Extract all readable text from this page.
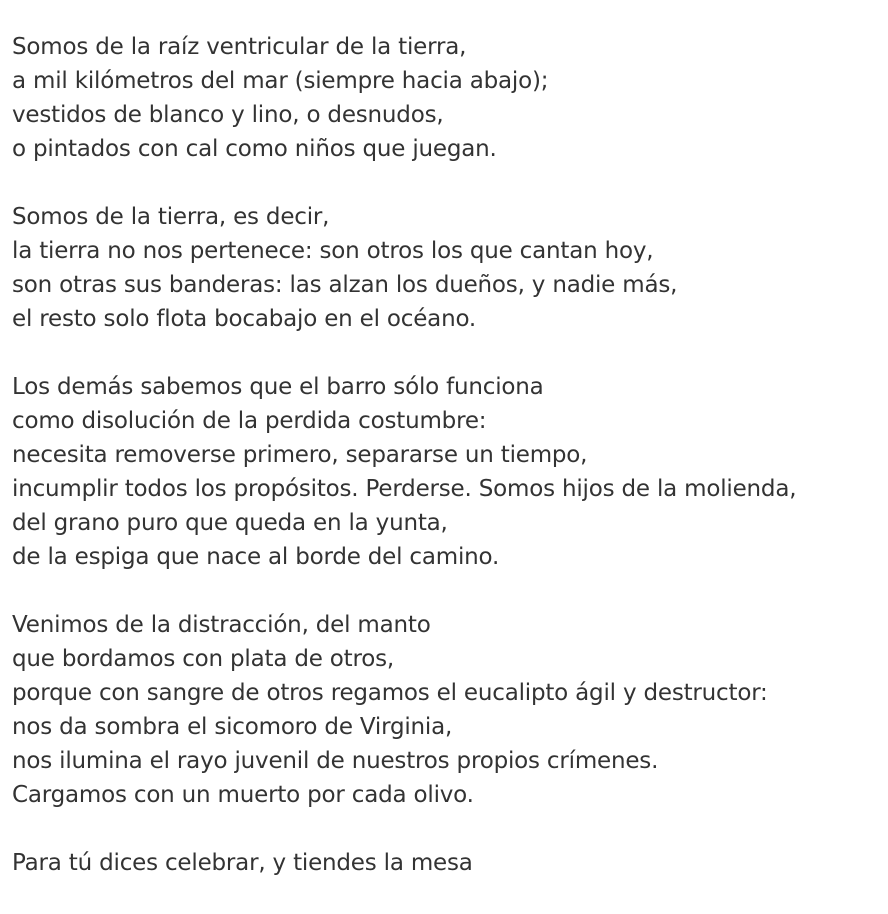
Somos de la raíz ventricular de la tierra,
a mil kilómetros del mar (siempre hacia abajo);
vestidos de blanco y lino, o desnudos,
o pintados con cal como niños que juegan.
Somos de la tierra, es decir,
la tierra no nos pertenece: son otros los que cantan hoy,
son otras sus banderas: las alzan los dueños, y nadie más,
el resto solo flota bocabajo en el océano.
Los demás sabemos que el barro sólo funciona
como disolución de la perdida costumbre:
necesita removerse primero, separarse un tiempo,
incumplir todos los propósitos. Perderse. Somos hijos de la molienda,
del grano puro que queda en la yunta,
de la espiga que nace al borde del camino.
Venimos de la distracción, del manto
que bordamos con plata de otros,
porque con sangre de otros regamos el eucalipto ágil y destructor:
nos da sombra el sicomoro de Virginia,
nos ilumina el rayo juvenil de nuestros propios crímenes.
Cargamos con un muerto por cada olivo.
Para tú dices celebrar, y tiendes la mesa
